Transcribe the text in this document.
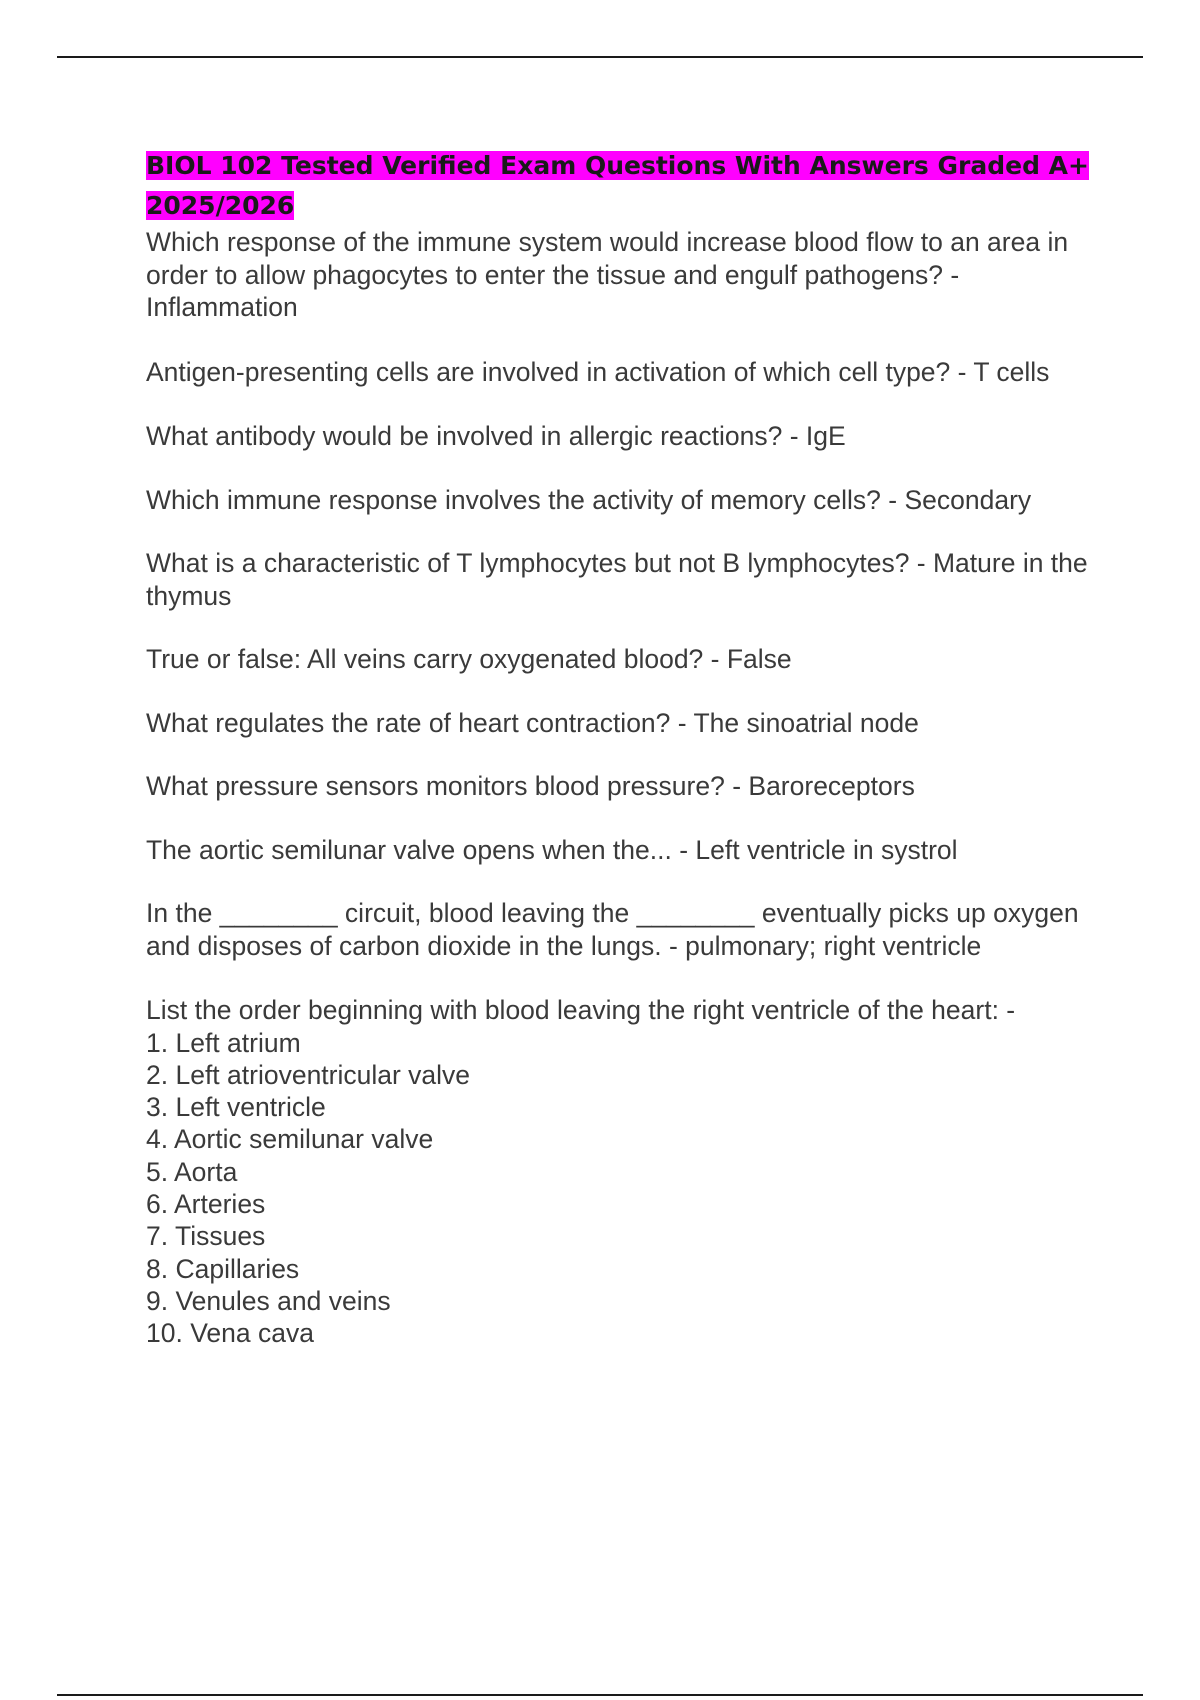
BIOL 102 Tested Verified Exam Questions With Answers Graded A+ 2025/2026

Which response of the immune system would increase blood flow to an area in order to allow phagocytes to enter the tissue and engulf pathogens? - Inflammation

Antigen-presenting cells are involved in activation of which cell type? - T cells

What antibody would be involved in allergic reactions? - IgE

Which immune response involves the activity of memory cells? - Secondary

What is a characteristic of T lymphocytes but not B lymphocytes? - Mature in the thymus

True or false: All veins carry oxygenated blood? - False

What regulates the rate of heart contraction? - The sinoatrial node

What pressure sensors monitors blood pressure? - Baroreceptors

The aortic semilunar valve opens when the... - Left ventricle in systrol

In the ________ circuit, blood leaving the ________ eventually picks up oxygen and disposes of carbon dioxide in the lungs. - pulmonary; right ventricle

List the order beginning with blood leaving the right ventricle of the heart: -

1. Left atrium
2. Left atrioventricular valve
3. Left ventricle
4. Aortic semilunar valve
5. Aorta
6. Arteries
7. Tissues
8. Capillaries
9. Venules and veins
10. Vena cava
